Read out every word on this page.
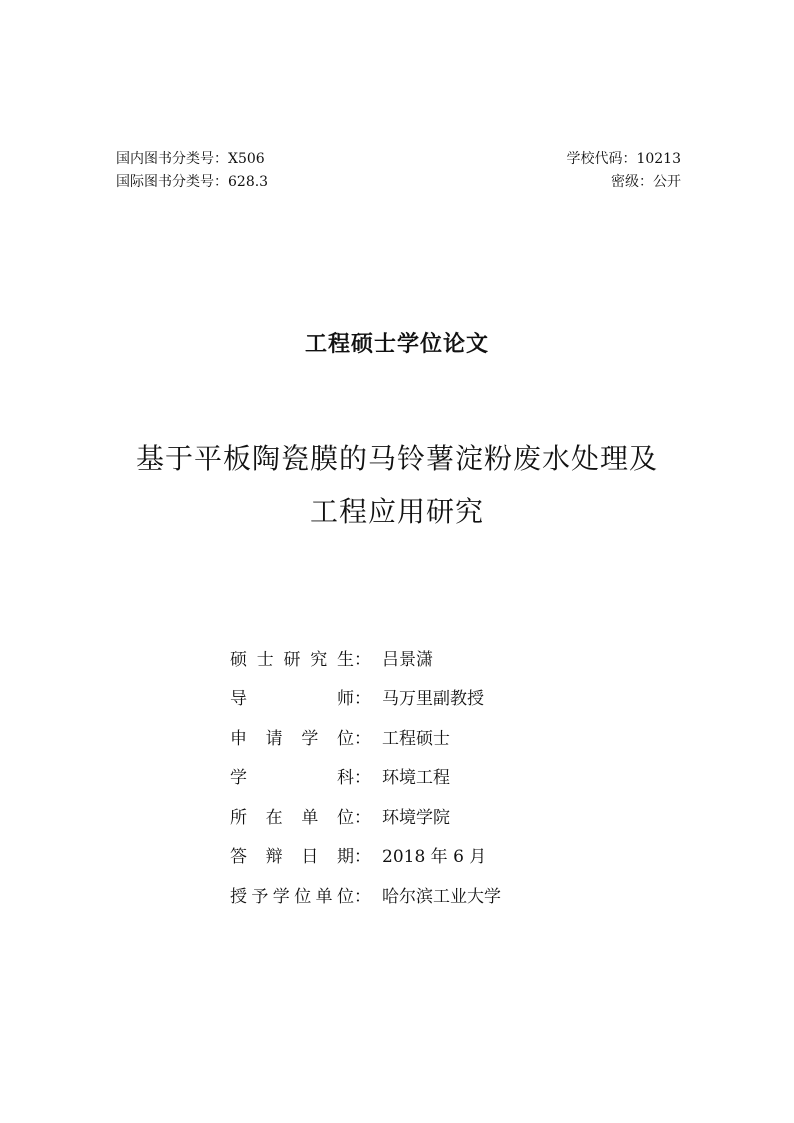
国内图书分类号：X506
国际图书分类号：628.3
学校代码：10213
密级：公开
工程硕士学位论文
基于平板陶瓷膜的马铃薯淀粉废水处理及
工程应用研究
硕士研究生 ： 吕景潇
导师 ： 马万里副教授
申请学位 ： 工程硕士
学科 ： 环境工程
所在单位 ： 环境学院
答辩日期 ： 2018 年 6 月
授予学位单位 ： 哈尔滨工业大学
